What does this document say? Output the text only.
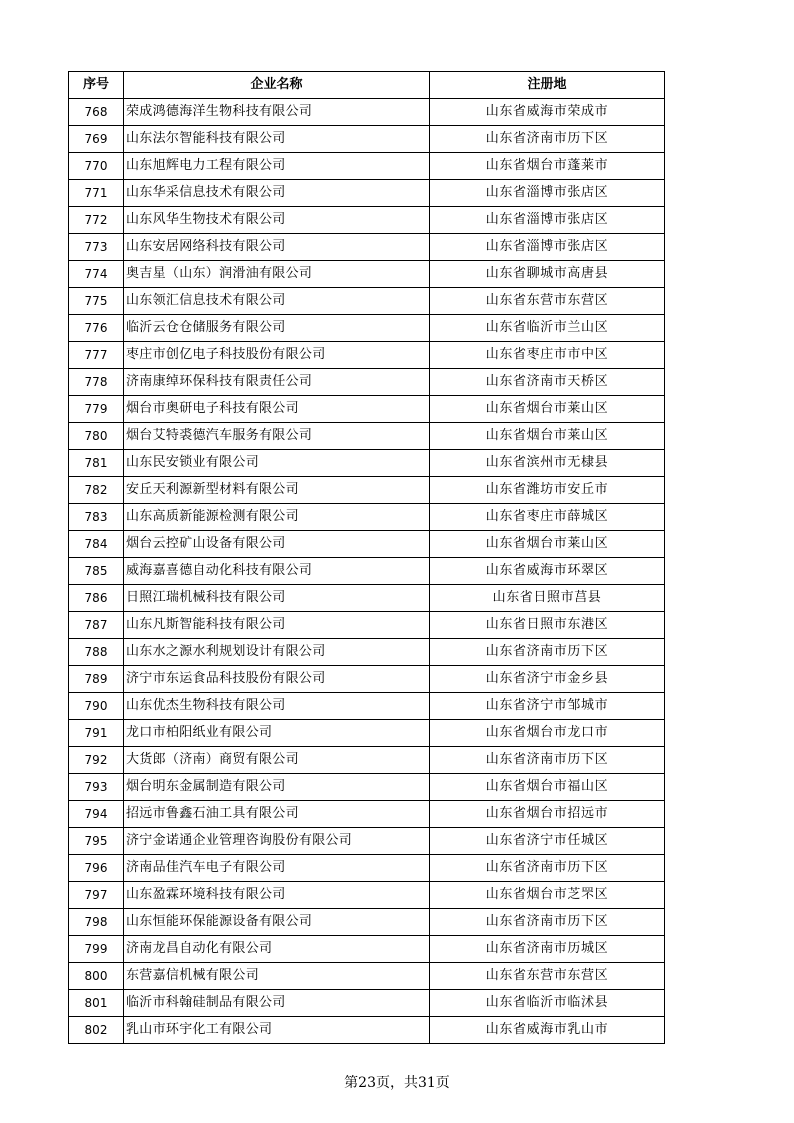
序号	企业名称	注册地
768	荣成鸿德海洋生物科技有限公司	山东省威海市荣成市
769	山东法尔智能科技有限公司	山东省济南市历下区
770	山东旭辉电力工程有限公司	山东省烟台市蓬莱市
771	山东华采信息技术有限公司	山东省淄博市张店区
772	山东风华生物技术有限公司	山东省淄博市张店区
773	山东安居网络科技有限公司	山东省淄博市张店区
774	奥吉星（山东）润滑油有限公司	山东省聊城市高唐县
775	山东领汇信息技术有限公司	山东省东营市东营区
776	临沂云仓仓储服务有限公司	山东省临沂市兰山区
777	枣庄市创亿电子科技股份有限公司	山东省枣庄市市中区
778	济南康绰环保科技有限责任公司	山东省济南市天桥区
779	烟台市奥研电子科技有限公司	山东省烟台市莱山区
780	烟台艾特裘德汽车服务有限公司	山东省烟台市莱山区
781	山东民安锁业有限公司	山东省滨州市无棣县
782	安丘天利源新型材料有限公司	山东省潍坊市安丘市
783	山东高质新能源检测有限公司	山东省枣庄市薛城区
784	烟台云控矿山设备有限公司	山东省烟台市莱山区
785	威海嘉喜德自动化科技有限公司	山东省威海市环翠区
786	日照江瑞机械科技有限公司	山东省日照市莒县
787	山东凡斯智能科技有限公司	山东省日照市东港区
788	山东水之源水利规划设计有限公司	山东省济南市历下区
789	济宁市东运食品科技股份有限公司	山东省济宁市金乡县
790	山东优杰生物科技有限公司	山东省济宁市邹城市
791	龙口市柏阳纸业有限公司	山东省烟台市龙口市
792	大货郎（济南）商贸有限公司	山东省济南市历下区
793	烟台明东金属制造有限公司	山东省烟台市福山区
794	招远市鲁鑫石油工具有限公司	山东省烟台市招远市
795	济宁金诺通企业管理咨询股份有限公司	山东省济宁市任城区
796	济南品佳汽车电子有限公司	山东省济南市历下区
797	山东盈霖环境科技有限公司	山东省烟台市芝罘区
798	山东恒能环保能源设备有限公司	山东省济南市历下区
799	济南龙昌自动化有限公司	山东省济南市历城区
800	东营嘉信机械有限公司	山东省东营市东营区
801	临沂市科翰硅制品有限公司	山东省临沂市临沭县
802	乳山市环宇化工有限公司	山东省威海市乳山市
第23页，共31页
